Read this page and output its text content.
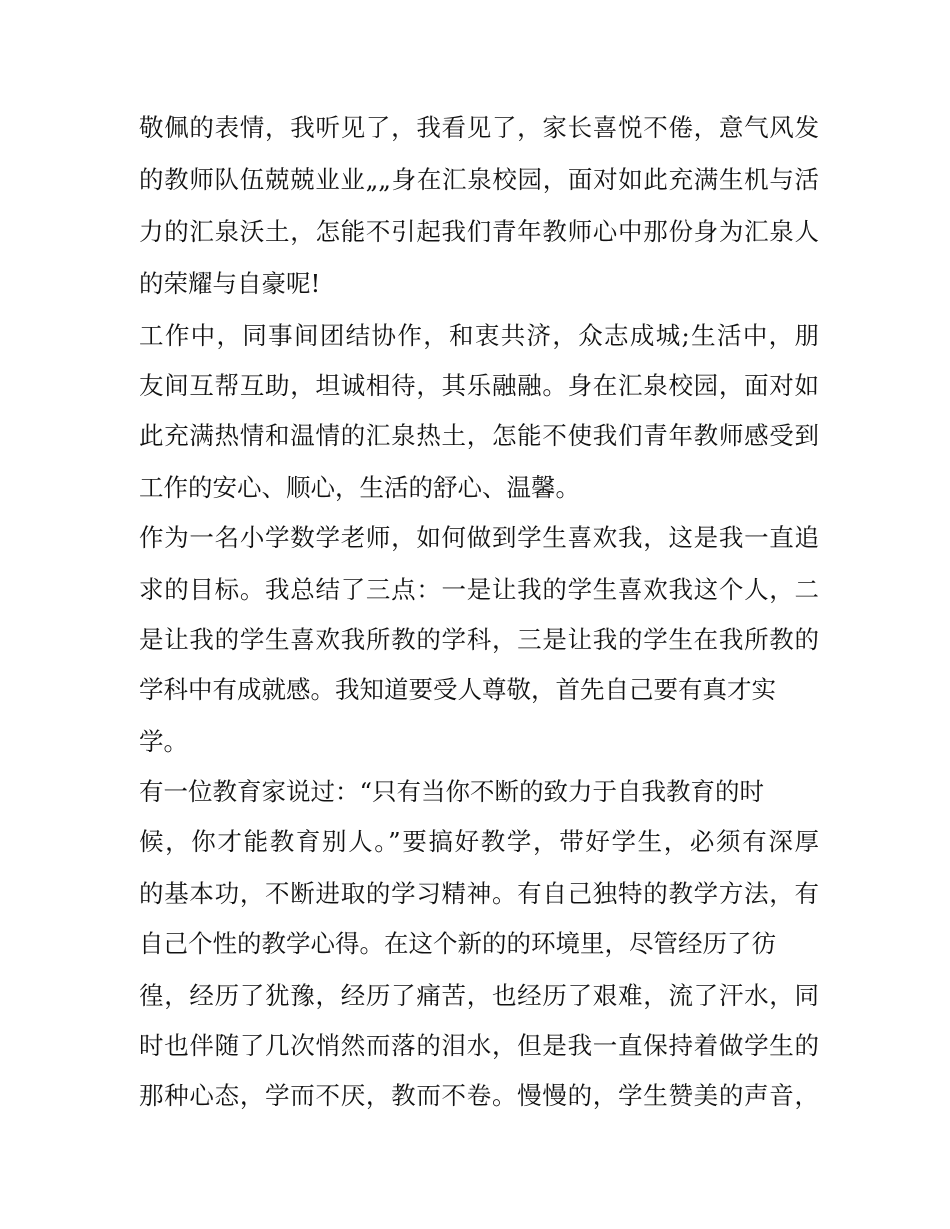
敬佩的表情，我听见了，我看见了，家长喜悦不倦，意气风发

的教师队伍兢兢业业„„身在汇泉校园，面对如此充满生机与活

力的汇泉沃土，怎能不引起我们青年教师心中那份身为汇泉人

的荣耀与自豪呢!

工作中，同事间团结协作，和衷共济，众志成城;生活中，朋

友间互帮互助，坦诚相待，其乐融融。身在汇泉校园，面对如

此充满热情和温情的汇泉热土，怎能不使我们青年教师感受到

工作的安心、顺心，生活的舒心、温馨。

作为一名小学数学老师，如何做到学生喜欢我，这是我一直追

求的目标。我总结了三点：一是让我的学生喜欢我这个人，二

是让我的学生喜欢我所教的学科，三是让我的学生在我所教的

学科中有成就感。我知道要受人尊敬，首先自己要有真才实

学。

有一位教育家说过：“只有当你不断的致力于自我教育的时

候，你才能教育别人。”要搞好教学，带好学生，必须有深厚

的基本功，不断进取的学习精神。有自己独特的教学方法，有

自己个性的教学心得。在这个新的的环境里，尽管经历了彷

徨，经历了犹豫，经历了痛苦，也经历了艰难，流了汗水，同

时也伴随了几次悄然而落的泪水，但是我一直保持着做学生的

那种心态，学而不厌，教而不卷。慢慢的，学生赞美的声音，
